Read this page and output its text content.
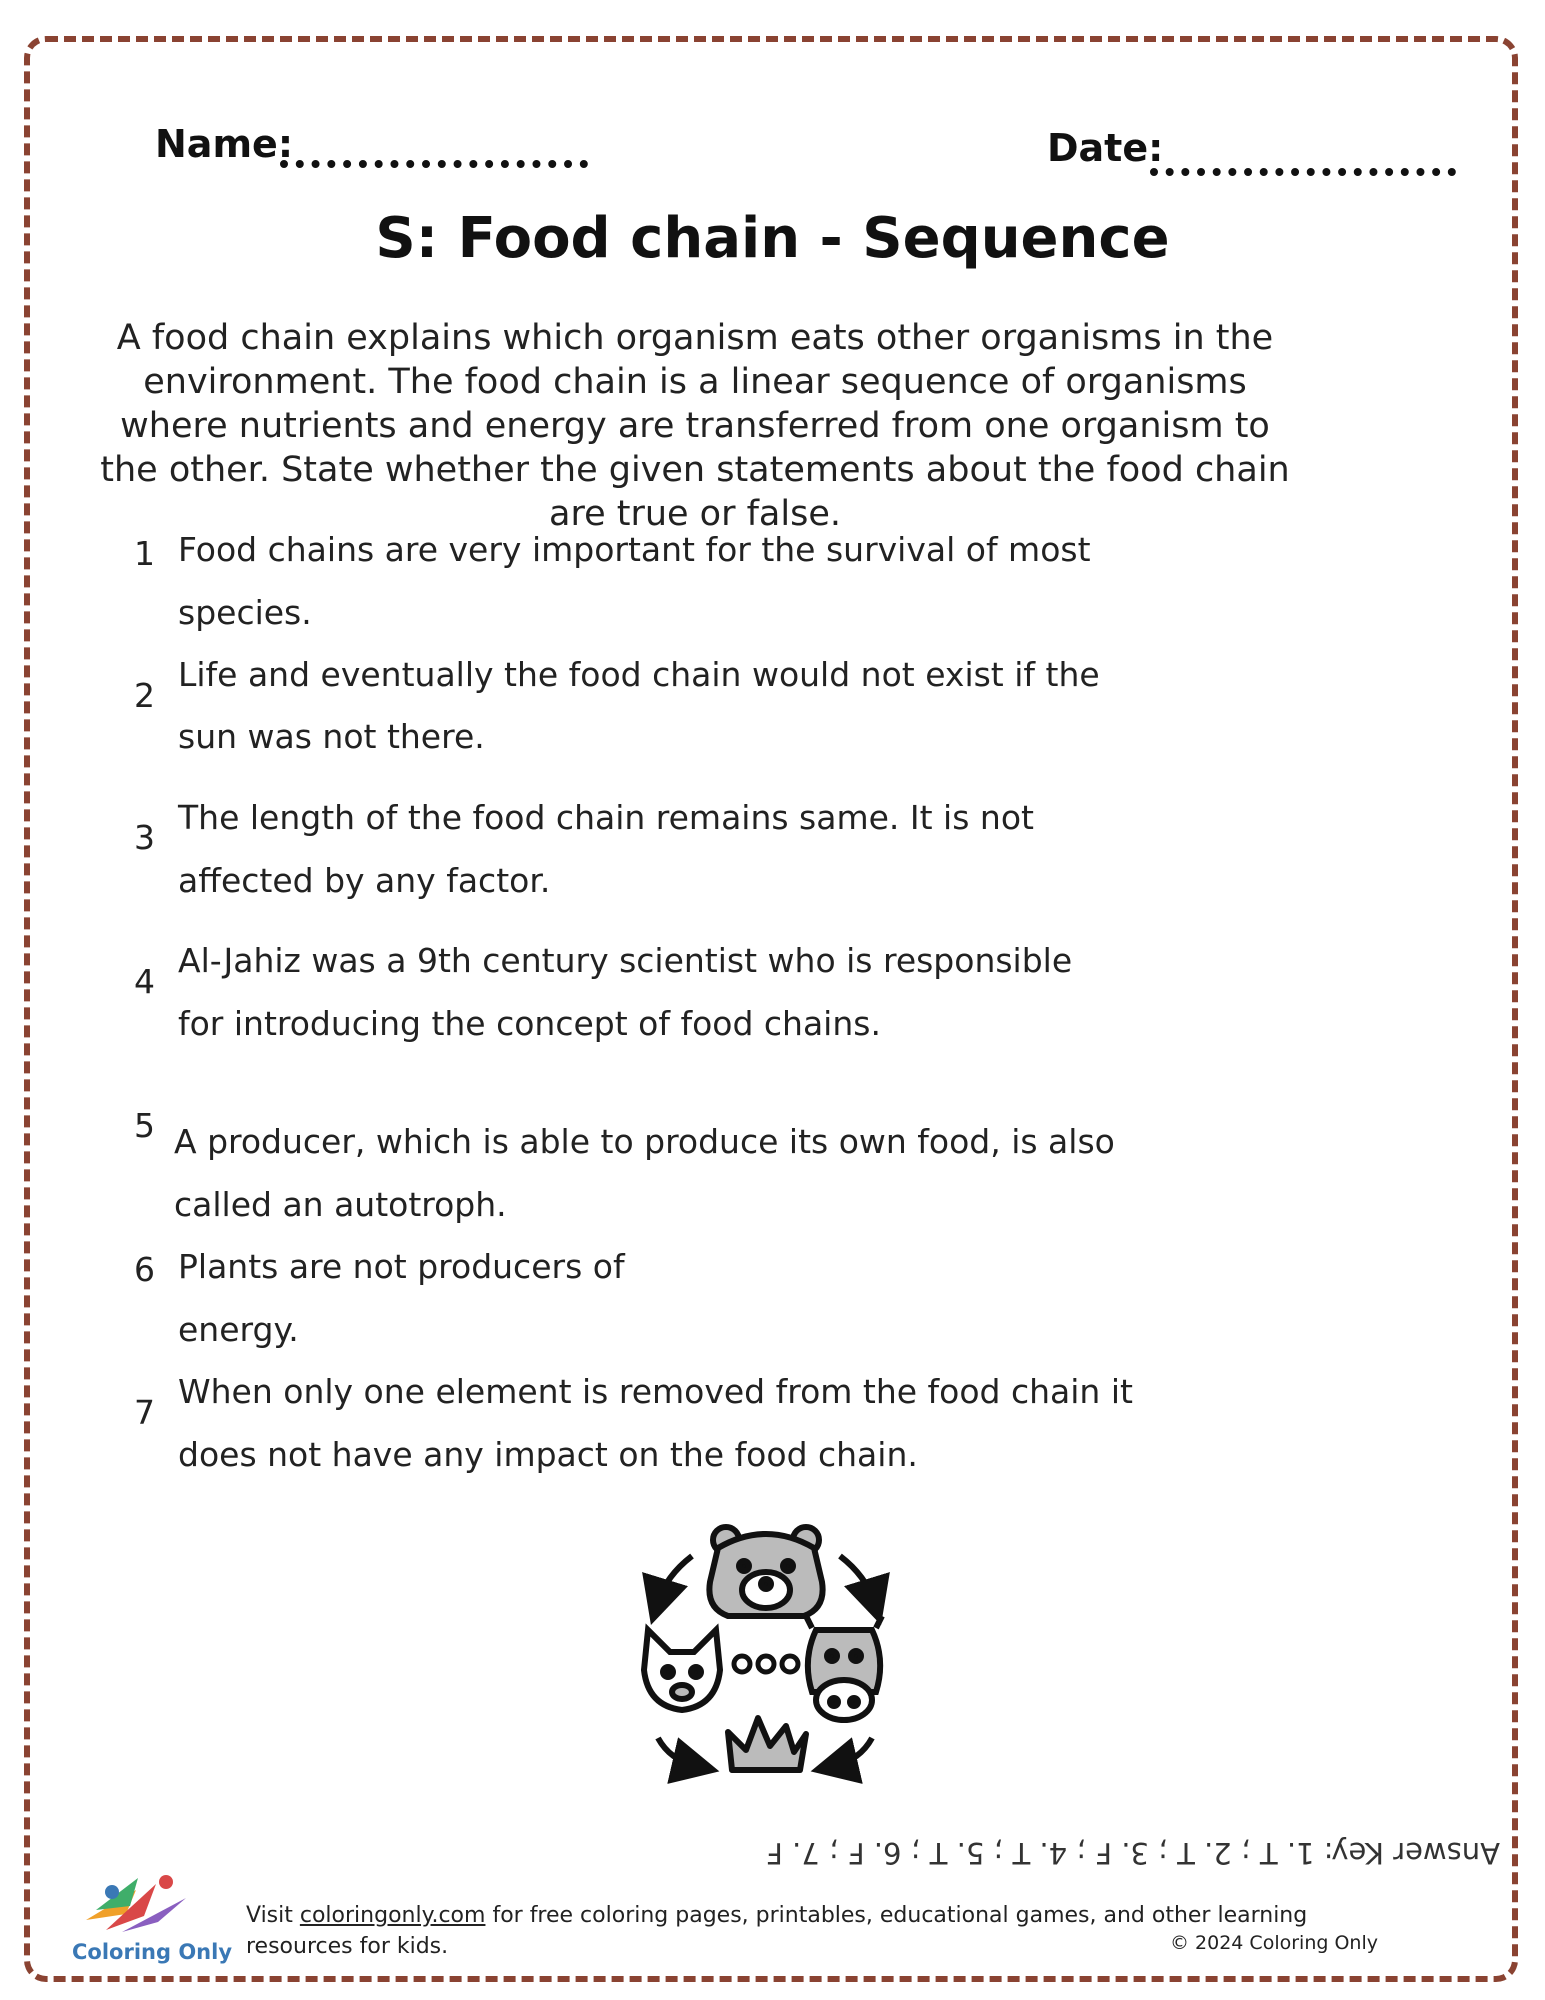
Name:	Date:
S: Food chain - Sequence
A food chain explains which organism eats other organisms in the environment. The food chain is a linear sequence of organisms where nutrients and energy are transferred from one organism to the other. State whether the given statements about the food chain are true or false.
1 Food chains are very important for the survival of most
species.
2
Life and eventually the food chain would not exist if the
sun was not there.
3
The length of the food chain remains same. It is not
affected by any factor.
4
Al-Jahiz was a 9th century scientist who is responsible
for introducing the concept of food chains.
5 A producer, which is able to produce its own food, is also
called an autotroph.
6 Plants are not producers of
energy.
7
When only one element is removed from the food chain it
does not have any impact on the food chain.
Answer Key: 1. T ; 2. T ; 3. F ; 4. T ; 5. T ; 6. F ; 7. F
Coloring Only
Visit coloringonly.com for free coloring pages, printables, educational games, and other learning resources for kids.	© 2024 Coloring Only
